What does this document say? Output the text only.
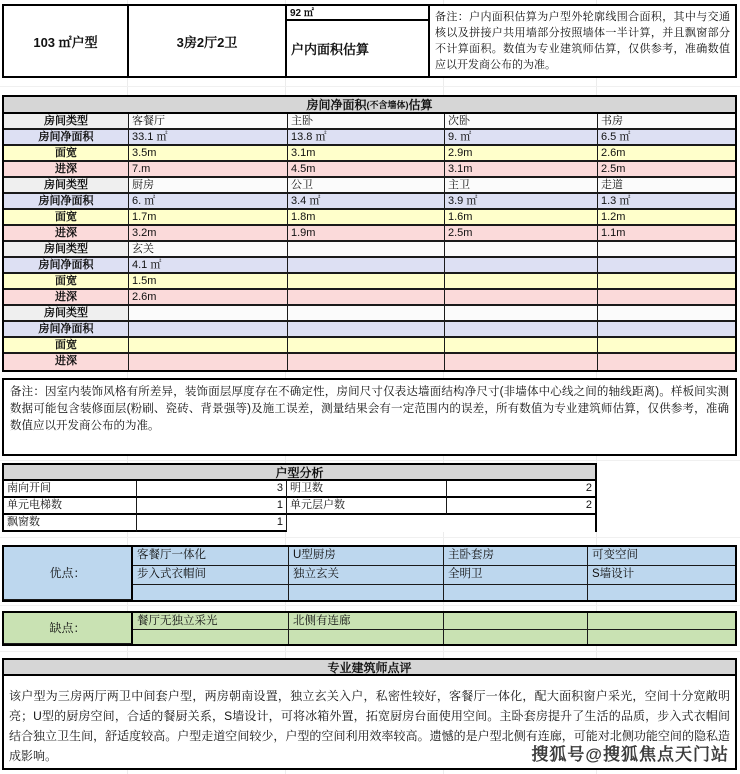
103 ㎡户型	3房2厅2卫
92 ㎡
户内面积估算
备注：户内面积估算为户型外轮廓线围合面积，其中与交通核以及拼接户共用墙部分按照墙体一半计算，并且飘窗部分不计算面积。数值为专业建筑师估算，仅供参考，准确数值应以开发商公布的为准。
房间净面积 (不含墙体) 估算
房间类型	客餐厅	主卧	次卧	书房
房间净面积	33.1 ㎡	13.8 ㎡	9. ㎡	6.5 ㎡
面宽	3.5m	3.1m	2.9m	2.6m
进深	7.m	4.5m	3.1m	2.5m
房间类型	厨房	公卫	主卫	走道
房间净面积	6. ㎡	3.4 ㎡	3.9 ㎡	1.3 ㎡
面宽	1.7m	1.8m	1.6m	1.2m
进深	3.2m	1.9m	2.5m	1.1m
房间类型	玄关
房间净面积	4.1 ㎡
面宽	1.5m
进深	2.6m
房间类型
房间净面积
面宽
进深
备注：因室内装饰风格有所差异，装饰面层厚度存在不确定性，房间尺寸仅表达墙面结构净尺寸(非墙体中心线之间的轴线距离)。样板间实测数据可能包含装修面层(粉刷、瓷砖、背景强等)及施工误差，测量结果会有一定范围内的误差，所有数值为专业建筑师估算，仅供参考，准确数值应以开发商公布的为准。
户型分析
南向开间	3 明卫数	2
单元电梯数	1 单元层户数	2
飘窗数	1
优点：
客餐厅一体化	U型厨房	主卧套房	可变空间
步入式衣帽间	独立玄关	全明卫	S墙设计
缺点：	餐厅无独立采光	北侧有连廊
专业建筑师点评
该户型为三房两厅两卫中间套户型，两房朝南设置，独立玄关入户，私密性较好，客餐厅一体化，配大面积窗户采光，空间十分宽敞明亮；U型的厨房空间，合适的餐厨关系，S墙设计，可将冰箱外置，拓宽厨房台面使用空间。主卧套房提升了生活的品质，步入式衣帽间结合独立卫生间，舒适度较高。户型走道空间较少，户型的空间利用效率较高。遗憾的是户型北侧有连廊，可能对北侧功能空间的隐私造成影响。	搜狐号@搜狐焦点天门站
